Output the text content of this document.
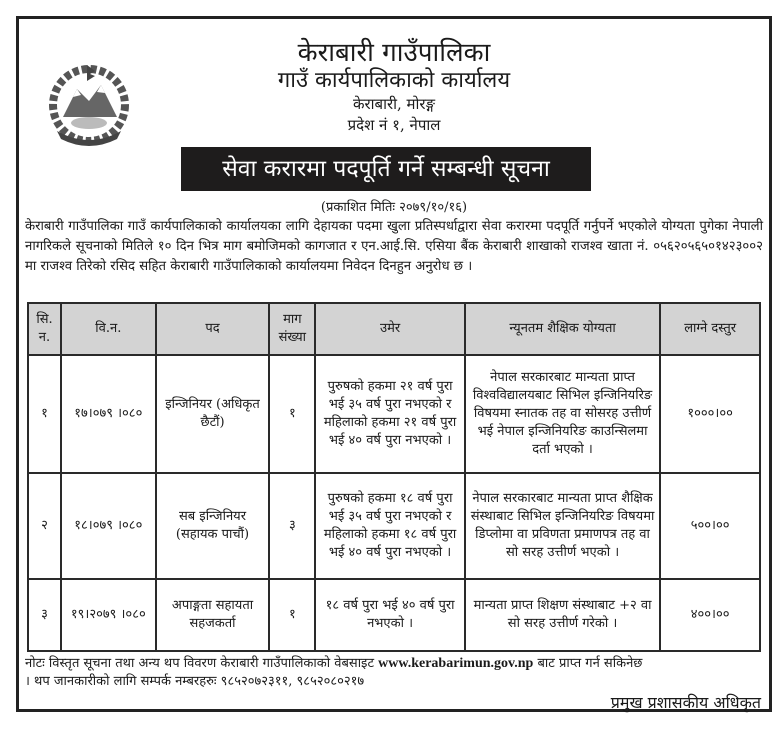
केराबारी गाउँपालिका
गाउँ कार्यपालिकाको कार्यालय
केराबारी, मोरङ्ग
प्रदेश नं १, नेपाल
सेवा करारमा पदपूर्ति गर्ने सम्बन्धी सूचना
(प्रकाशित मितिः २०७९/१०/१६)
केराबारी गाउँपालिका गाउँ कार्यपालिकाको कार्यालयका लागि देहायका पदमा खुला प्रतिस्पर्धाद्वारा सेवा करारमा पदपूर्ति गर्नुपर्ने भएकोले योग्यता पुगेका नेपाली नागरिकले सूचनाको मितिले १० दिन भित्र माग बमोजिमको कागजात र एन.आई.सि. एसिया बैंक केराबारी शाखाको राजश्व खाता नं. ०५६२०५६५०१४२३००२ मा राजश्व तिरेको रसिद सहित केराबारी गाउँपालिकाको कार्यालयमा निवेदन दिनहुन अनुरोध छ ।
सि. न.	वि.न.	पद	माग संख्या	उमेर	न्यूनतम शैक्षिक योग्यता	लाग्ने दस्तुर
१	१७।०७९ ।०८०	इन्जिनियर (अधिकृत छैटौं)	१	पुरुषको हकमा २१ वर्ष पुरा भई ३५ वर्ष पुरा नभएको र महिलाको हकमा २१ वर्ष पुरा भई ४० वर्ष पुरा नभएको ।	नेपाल सरकारबाट मान्यता प्राप्त विश्वविद्यालयबाट सिभिल इन्जिनियरिङ विषयमा स्नातक तह वा सोसरह उत्तीर्ण भई नेपाल इन्जिनियरिङ काउन्सिलमा दर्ता भएको ।	१०००।००
२	१८।०७९ ।०८०	सब इन्जिनियर (सहायक पाचौं)	३	पुरुषको हकमा १८ वर्ष पुरा भई ३५ वर्ष पुरा नभएको र महिलाको हकमा १८ वर्ष पुरा भई ४० वर्ष पुरा नभएको ।	नेपाल सरकारबाट मान्यता प्राप्त शैक्षिक संस्थाबाट सिभिल इन्जिनियरिङ विषयमा डिप्लोमा वा प्रविणता प्रमाणपत्र तह वा सो सरह उत्तीर्ण भएको ।	५००।००
३	१९।२०७९ ।०८०	अपाङ्गता सहायता सहजकर्ता	१	१८ वर्ष पुरा भई ४० वर्ष पुरा नभएको ।	मान्यता प्राप्त शिक्षण संस्थाबाट +२ वा सो सरह उत्तीर्ण गरेको ।	४००।००
नोटः विस्तृत सूचना तथा अन्य थप विवरण केराबारी गाउँपालिकाको वेबसाइट www.kerabarimun.gov.np बाट प्राप्त गर्न सकिनेछ
। थप जानकारीको लागि सम्पर्क नम्बरहरुः ९८५२०७२३११, ९८५२०८०२१७
प्रमुख प्रशासकीय अधिकृत
